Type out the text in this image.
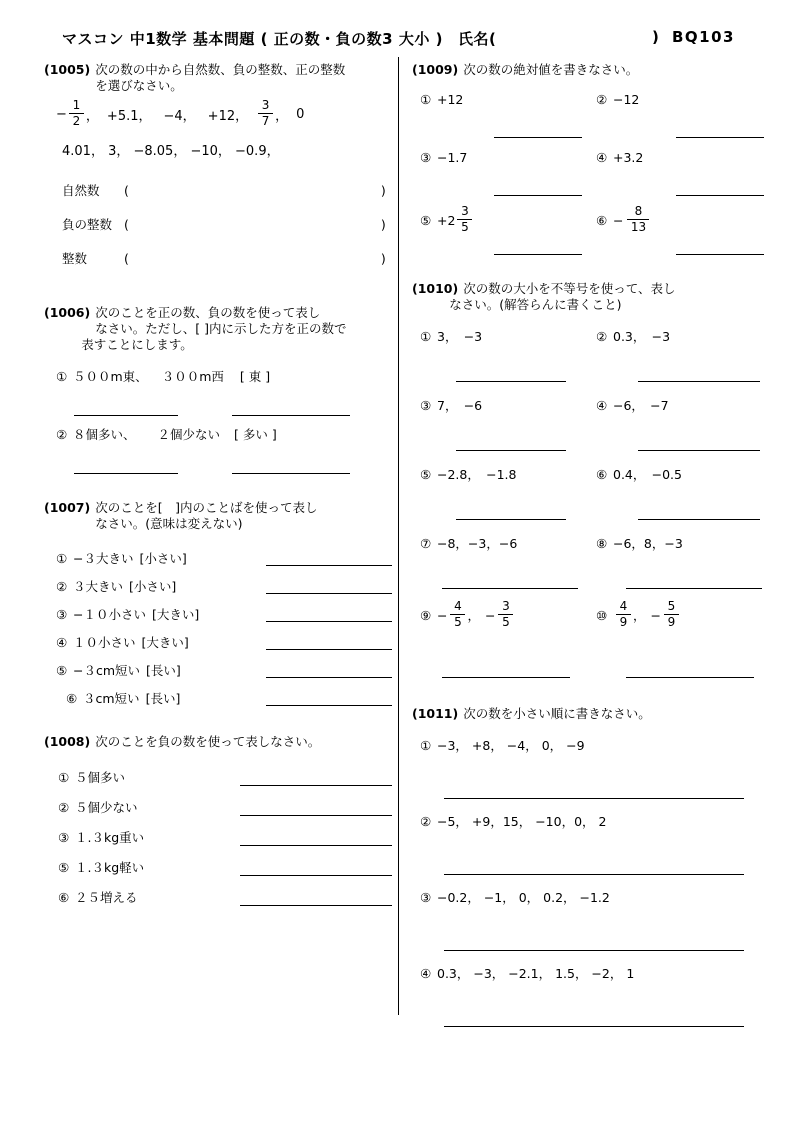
マスコン 中1数学 基本問題 ( 正の数・負の数3 大小 ) 氏名(	) BQ103
(1005) 次の数の中から自然数、負の整数、正の整数
を選びなさい。
− $\frac{1}{2}$ ， +5.1， −4， +12， $\frac{3}{7}$ ， 0
4.01， 3， −8.05， −10， −0.9，
自然数	(	)
負の整数 (	)
整数	(	)
(1006) 次のことを正の数、負の数を使って表し
なさい。ただし、[ ]内に示した方を正の数で
表すことにします。
① ５００m東、 ３００m西 [ 東 ]
② ８個多い、 ２個少ない [ 多い ]
(1007) 次のことを[　]内のことばを使って表し
なさい。(意味は変えない)
① −３大きい [小さい]
② ３大きい [小さい]
③ −１０小さい [大きい]
④ １０小さい [大きい]
⑤ −３cm短い [長い]
⑥ ３cm短い [長い]
(1008) 次のことを負の数を使って表しなさい。
① ５個多い
② ５個少ない
③ １.３kg重い
⑤ １.３kg軽い
⑥ ２５増える
(1009) 次の数の絶対値を書きなさい。
① +12	② −12
③ −1.7	④ +3.2
⑤ $+2 \frac{3}{5}$	⑥ − $\frac{8}{13}$
(1010) 次の数の大小を不等号を使って、表し
なさい。(解答らんに書くこと)
① 3，　−3	② 0.3，　−3
③ 7，　−6	④ −6，　−7
⑤ −2.8，　−1.8	⑥ 0.4，　−0.5
⑦ −8，−3，−6	⑧ −6，8，−3
⑨ − $\frac{4}{5}$ ， − $\frac{3}{5}$	⑩ $\frac{4}{9}$ ， − $\frac{5}{9}$
(1011) 次の数を小さい順に書きなさい。
① −3， +8， −4， 0， −9
② −5， +9，15， −10，0， 2
③ −0.2， −1， 0， 0.2， −1.2
④ 0.3， −3， −2.1， 1.5， −2， 1
